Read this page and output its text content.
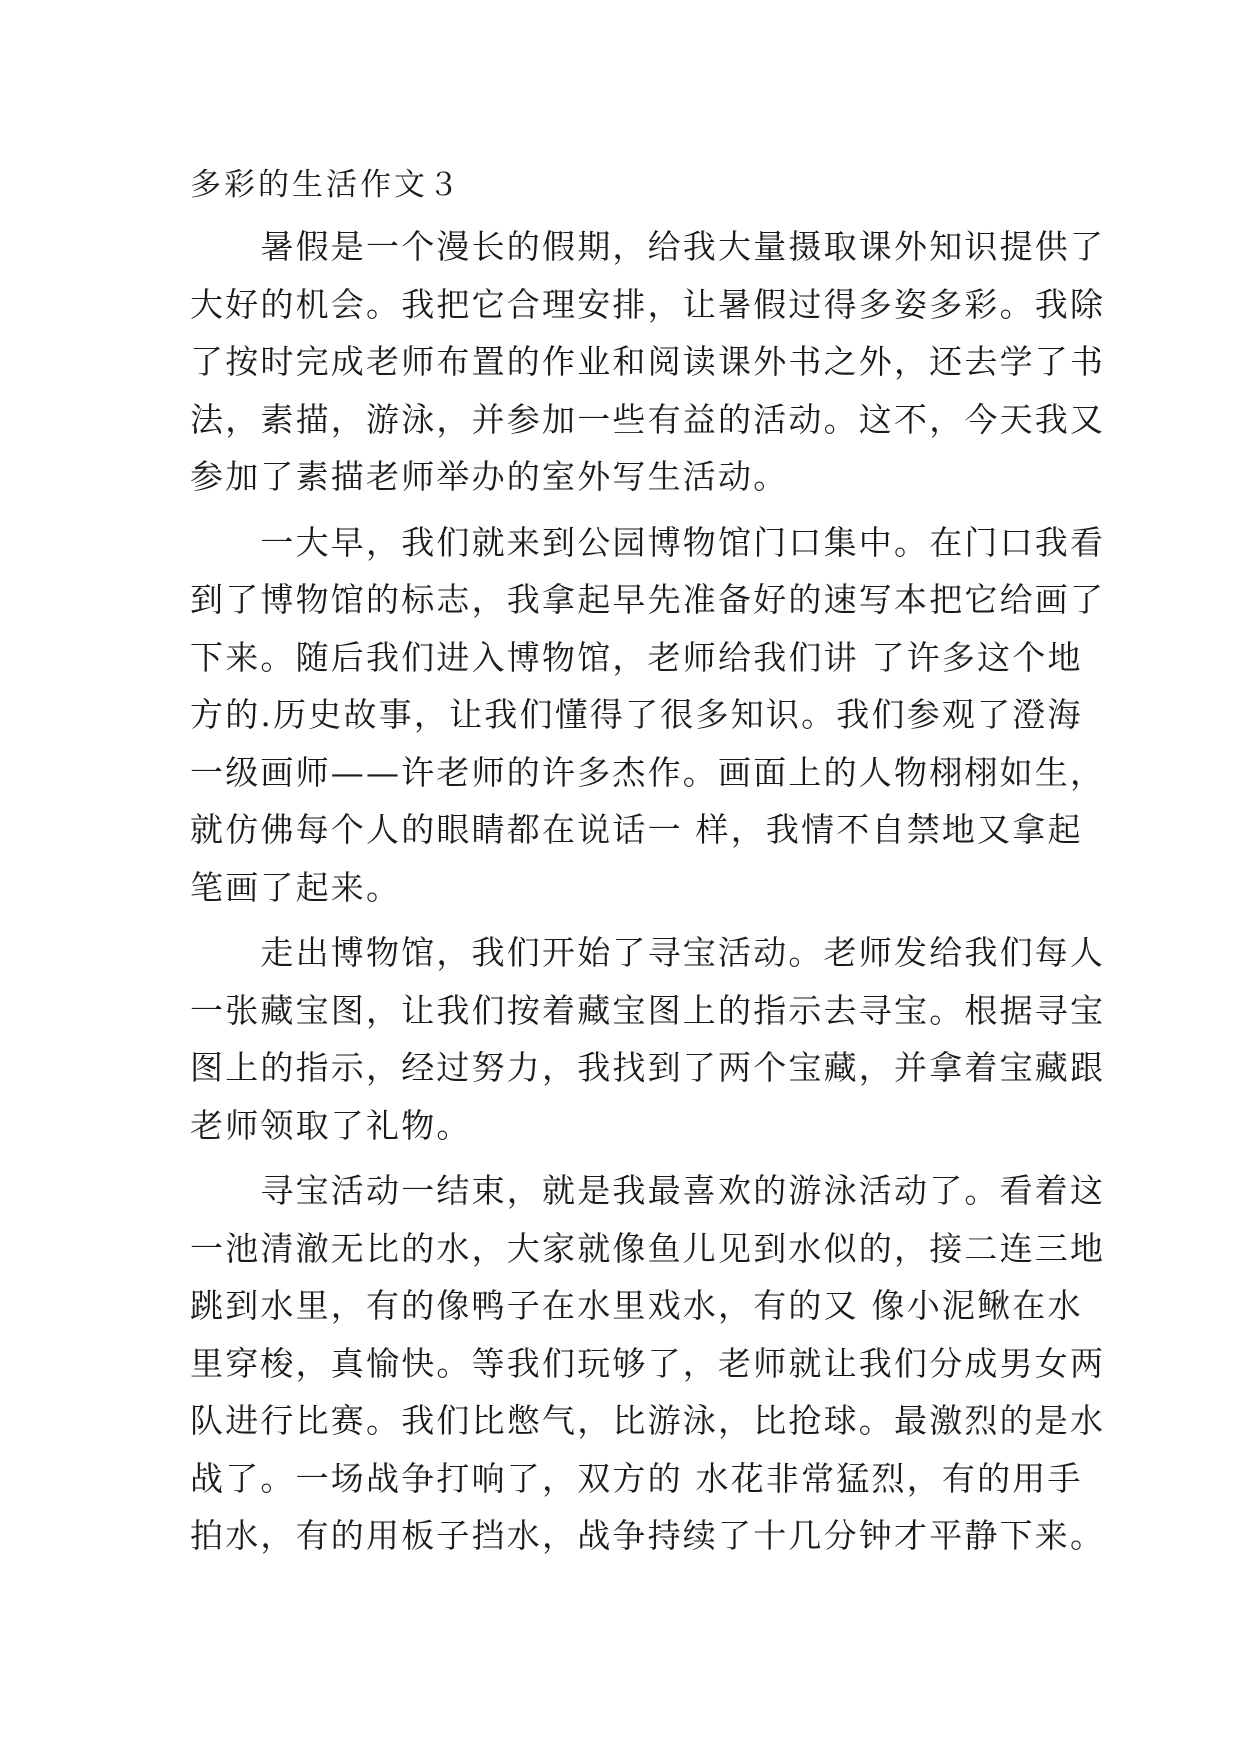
多彩的生活作文３
　　暑假是一个漫长的假期，给我大量摄取课外知识提供了
大好的机会。我把它合理安排，让暑假过得多姿多彩。我除
了按时完成老师布置的作业和阅读课外书之外，还去学了书
法，素描，游泳，并参加一些有益的活动。这不，今天我又
参加了素描老师举办的室外写生活动。
　　一大早，我们就来到公园博物馆门口集中。在门口我看
到了博物馆的标志，我拿起早先准备好的速写本把它给画了
下来。随后我们进入博物馆，老师给我们讲 了许多这个地
方的.历史故事，让我们懂得了很多知识。我们参观了澄海
一级画师——许老师的许多杰作。画面上的人物栩栩如生，
就仿佛每个人的眼睛都在说话一 样，我情不自禁地又拿起
笔画了起来。
　　走出博物馆，我们开始了寻宝活动。老师发给我们每人
一张藏宝图，让我们按着藏宝图上的指示去寻宝。根据寻宝
图上的指示，经过努力，我找到了两个宝藏，并拿着宝藏跟
老师领取了礼物。
　　寻宝活动一结束，就是我最喜欢的游泳活动了。看着这
一池清澈无比的水，大家就像鱼儿见到水似的，接二连三地
跳到水里，有的像鸭子在水里戏水，有的又 像小泥鳅在水
里穿梭，真愉快。等我们玩够了，老师就让我们分成男女两
队进行比赛。我们比憋气，比游泳，比抢球。最激烈的是水
战了。一场战争打响了，双方的 水花非常猛烈，有的用手
拍水，有的用板子挡水，战争持续了十几分钟才平静下来。
